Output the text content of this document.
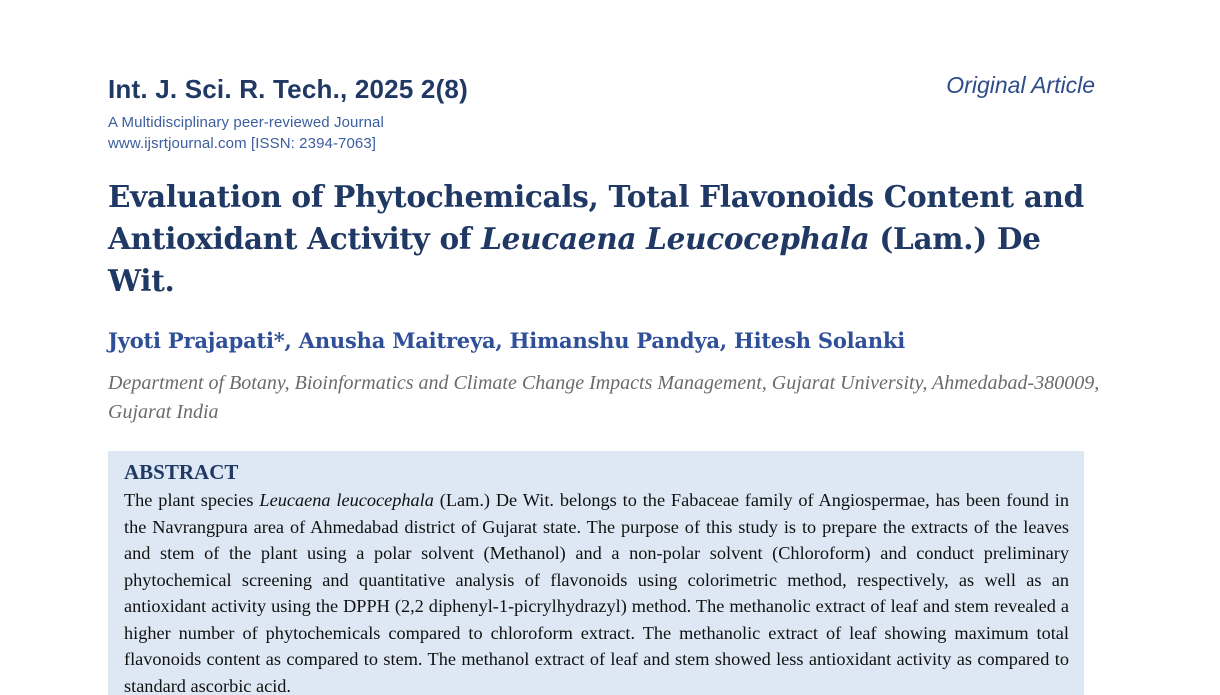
Int. J. Sci. R. Tech., 2025 2(8)	Original Article
A Multidisciplinary peer-reviewed Journal
www.ijsrtjournal.com [ISSN: 2394-7063]
Evaluation of Phytochemicals, Total Flavonoids Content and Antioxidant Activity of Leucaena Leucocephala (Lam.) De Wit.

Jyoti Prajapati*, Anusha Maitreya, Himanshu Pandya, Hitesh Solanki

Department of Botany, Bioinformatics and Climate Change Impacts Management, Gujarat University, Ahmedabad-380009, Gujarat India

ABSTRACT

The plant species Leucaena leucocephala (Lam.) De Wit. belongs to the Fabaceae family of Angiospermae, has been found in the Navrangpura area of Ahmedabad district of Gujarat state. The purpose of this study is to prepare the extracts of the leaves and stem of the plant using a polar solvent (Methanol) and a non-polar solvent (Chloroform) and conduct preliminary phytochemical screening and quantitative analysis of flavonoids using colorimetric method, respectively, as well as an antioxidant activity using the DPPH (2,2 diphenyl-1-picrylhydrazyl) method. The methanolic extract of leaf and stem revealed a higher number of phytochemicals compared to chloroform extract. The methanolic extract of leaf showing maximum total flavonoids content as compared to stem. The methanol extract of leaf and stem showed less antioxidant activity as compared to standard ascorbic acid.
